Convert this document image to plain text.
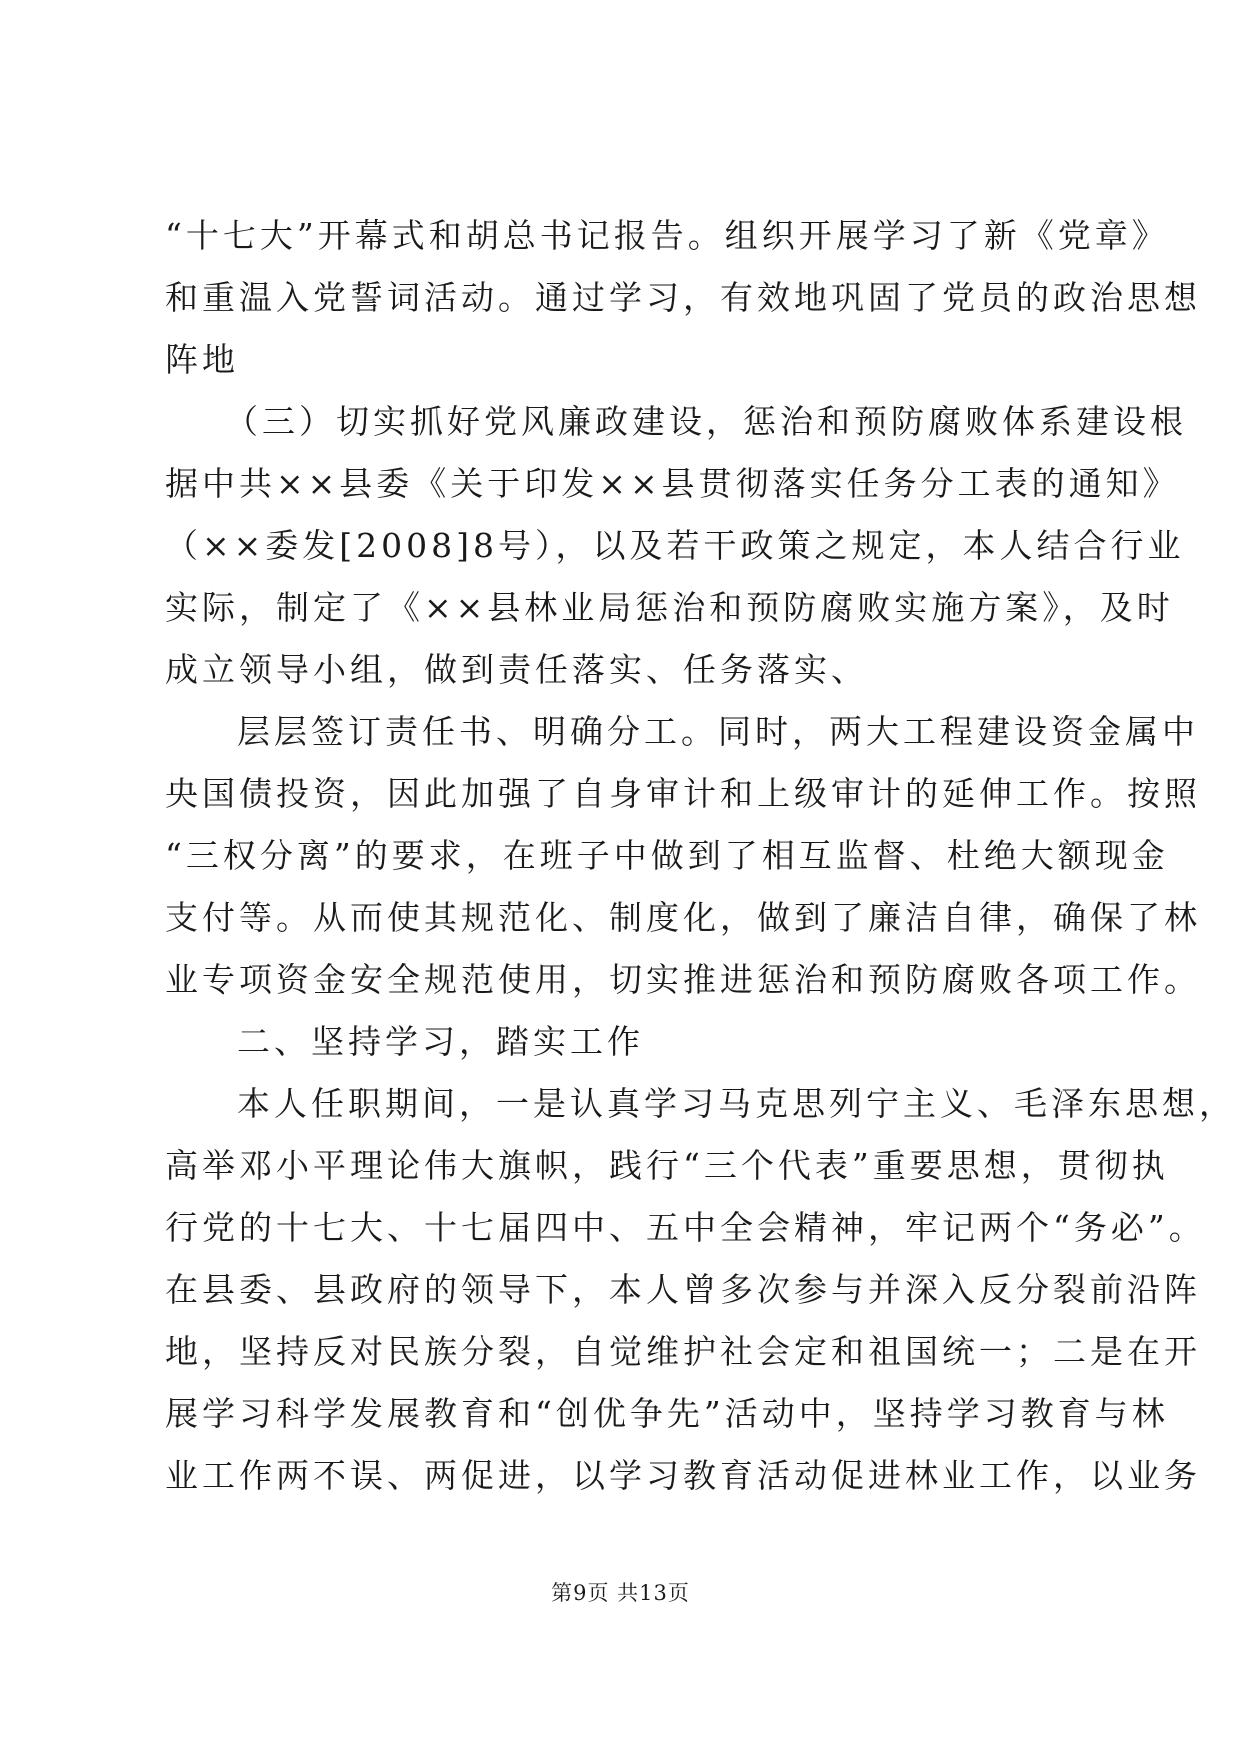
“十七大”开幕式和胡总书记报告。组织开展学习了新《党章》
和重温入党誓词活动。通过学习，有效地巩固了党员的政治思想
阵地
（三）切实抓好党风廉政建设，惩治和预防腐败体系建设根
据中共××县委《关于印发××县贯彻落实任务分工表的通知》
（××委发[2008]8号），以及若干政策之规定，本人结合行业
实际，制定了《××县林业局惩治和预防腐败实施方案》，及时
成立领导小组，做到责任落实、任务落实、
层层签订责任书、明确分工。同时，两大工程建设资金属中
央国债投资，因此加强了自身审计和上级审计的延伸工作。按照
“三权分离”的要求，在班子中做到了相互监督、杜绝大额现金
支付等。从而使其规范化、制度化，做到了廉洁自律，确保了林
业专项资金安全规范使用，切实推进惩治和预防腐败各项工作。
二、坚持学习，踏实工作
本人任职期间，一是认真学习马克思列宁主义、毛泽东思想，
高举邓小平理论伟大旗帜，践行“三个代表”重要思想，贯彻执
行党的十七大、十七届四中、五中全会精神，牢记两个“务必”。
在县委、县政府的领导下，本人曾多次参与并深入反分裂前沿阵
地，坚持反对民族分裂，自觉维护社会定和祖国统一；二是在开
展学习科学发展教育和“创优争先”活动中，坚持学习教育与林
业工作两不误、两促进，以学习教育活动促进林业工作，以业务
第9页 共13页
